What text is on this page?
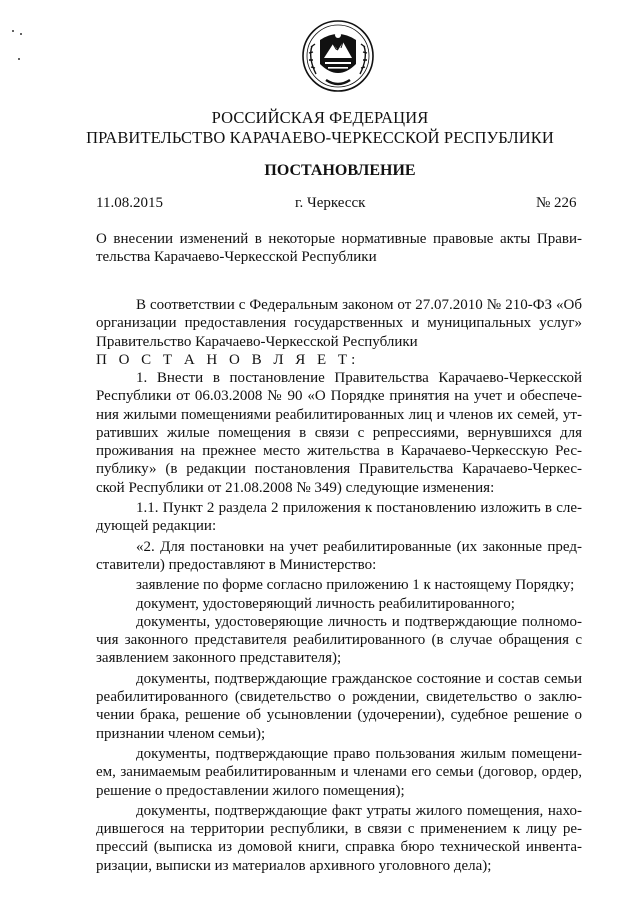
РОССИЙСКАЯ ФЕДЕРАЦИЯ
ПРАВИТЕЛЬСТВО КАРАЧАЕВО-ЧЕРКЕССКОЙ РЕСПУБЛИКИ
ПОСТАНОВЛЕНИЕ
11.08.2015	г. Черкесск	№ 226
О внесении изменений в некоторые нормативные правовые акты Прави-
тельства Карачаево-Черкесской Республики
В соответствии с Федеральным законом от 27.07.2010 № 210-ФЗ «Об
организации предоставления государственных и муниципальных услуг»
Правительство Карачаево-Черкесской Республики
П О С Т А Н О В Л Я Е Т:
1. Внести в постановление Правительства Карачаево-Черкесской
Республики от 06.03.2008 № 90 «О Порядке принятия на учет и обеспече-
ния жилыми помещениями реабилитированных лиц и членов их семей, ут-
ративших жилые помещения в связи с репрессиями, вернувшихся для
проживания на прежнее место жительства в Карачаево-Черкесскую Рес-
публику» (в редакции постановления Правительства Карачаево-Черкес-
ской Республики от 21.08.2008 № 349) следующие изменения:
1.1. Пункт 2 раздела 2 приложения к постановлению изложить в сле-
дующей редакции:
«2. Для постановки на учет реабилитированные (их законные пред-
ставители) предоставляют в Министерство:
заявление по форме согласно приложению 1 к настоящему Порядку;
документ, удостоверяющий личность реабилитированного;
документы, удостоверяющие личность и подтверждающие полномо-
чия законного представителя реабилитированного (в случае обращения с
заявлением законного представителя);
документы, подтверждающие гражданское состояние и состав семьи
реабилитированного (свидетельство о рождении, свидетельство о заклю-
чении брака, решение об усыновлении (удочерении), судебное решение о
признании членом семьи);
документы, подтверждающие право пользования жилым помещени-
ем, занимаемым реабилитированным и членами его семьи (договор, ордер,
решение о предоставлении жилого помещения);
документы, подтверждающие факт утраты жилого помещения, нахо-
дившегося на территории республики, в связи с применением к лицу ре-
прессий (выписка из домовой книги, справка бюро технической инвента-
ризации, выписки из материалов архивного уголовного дела);
